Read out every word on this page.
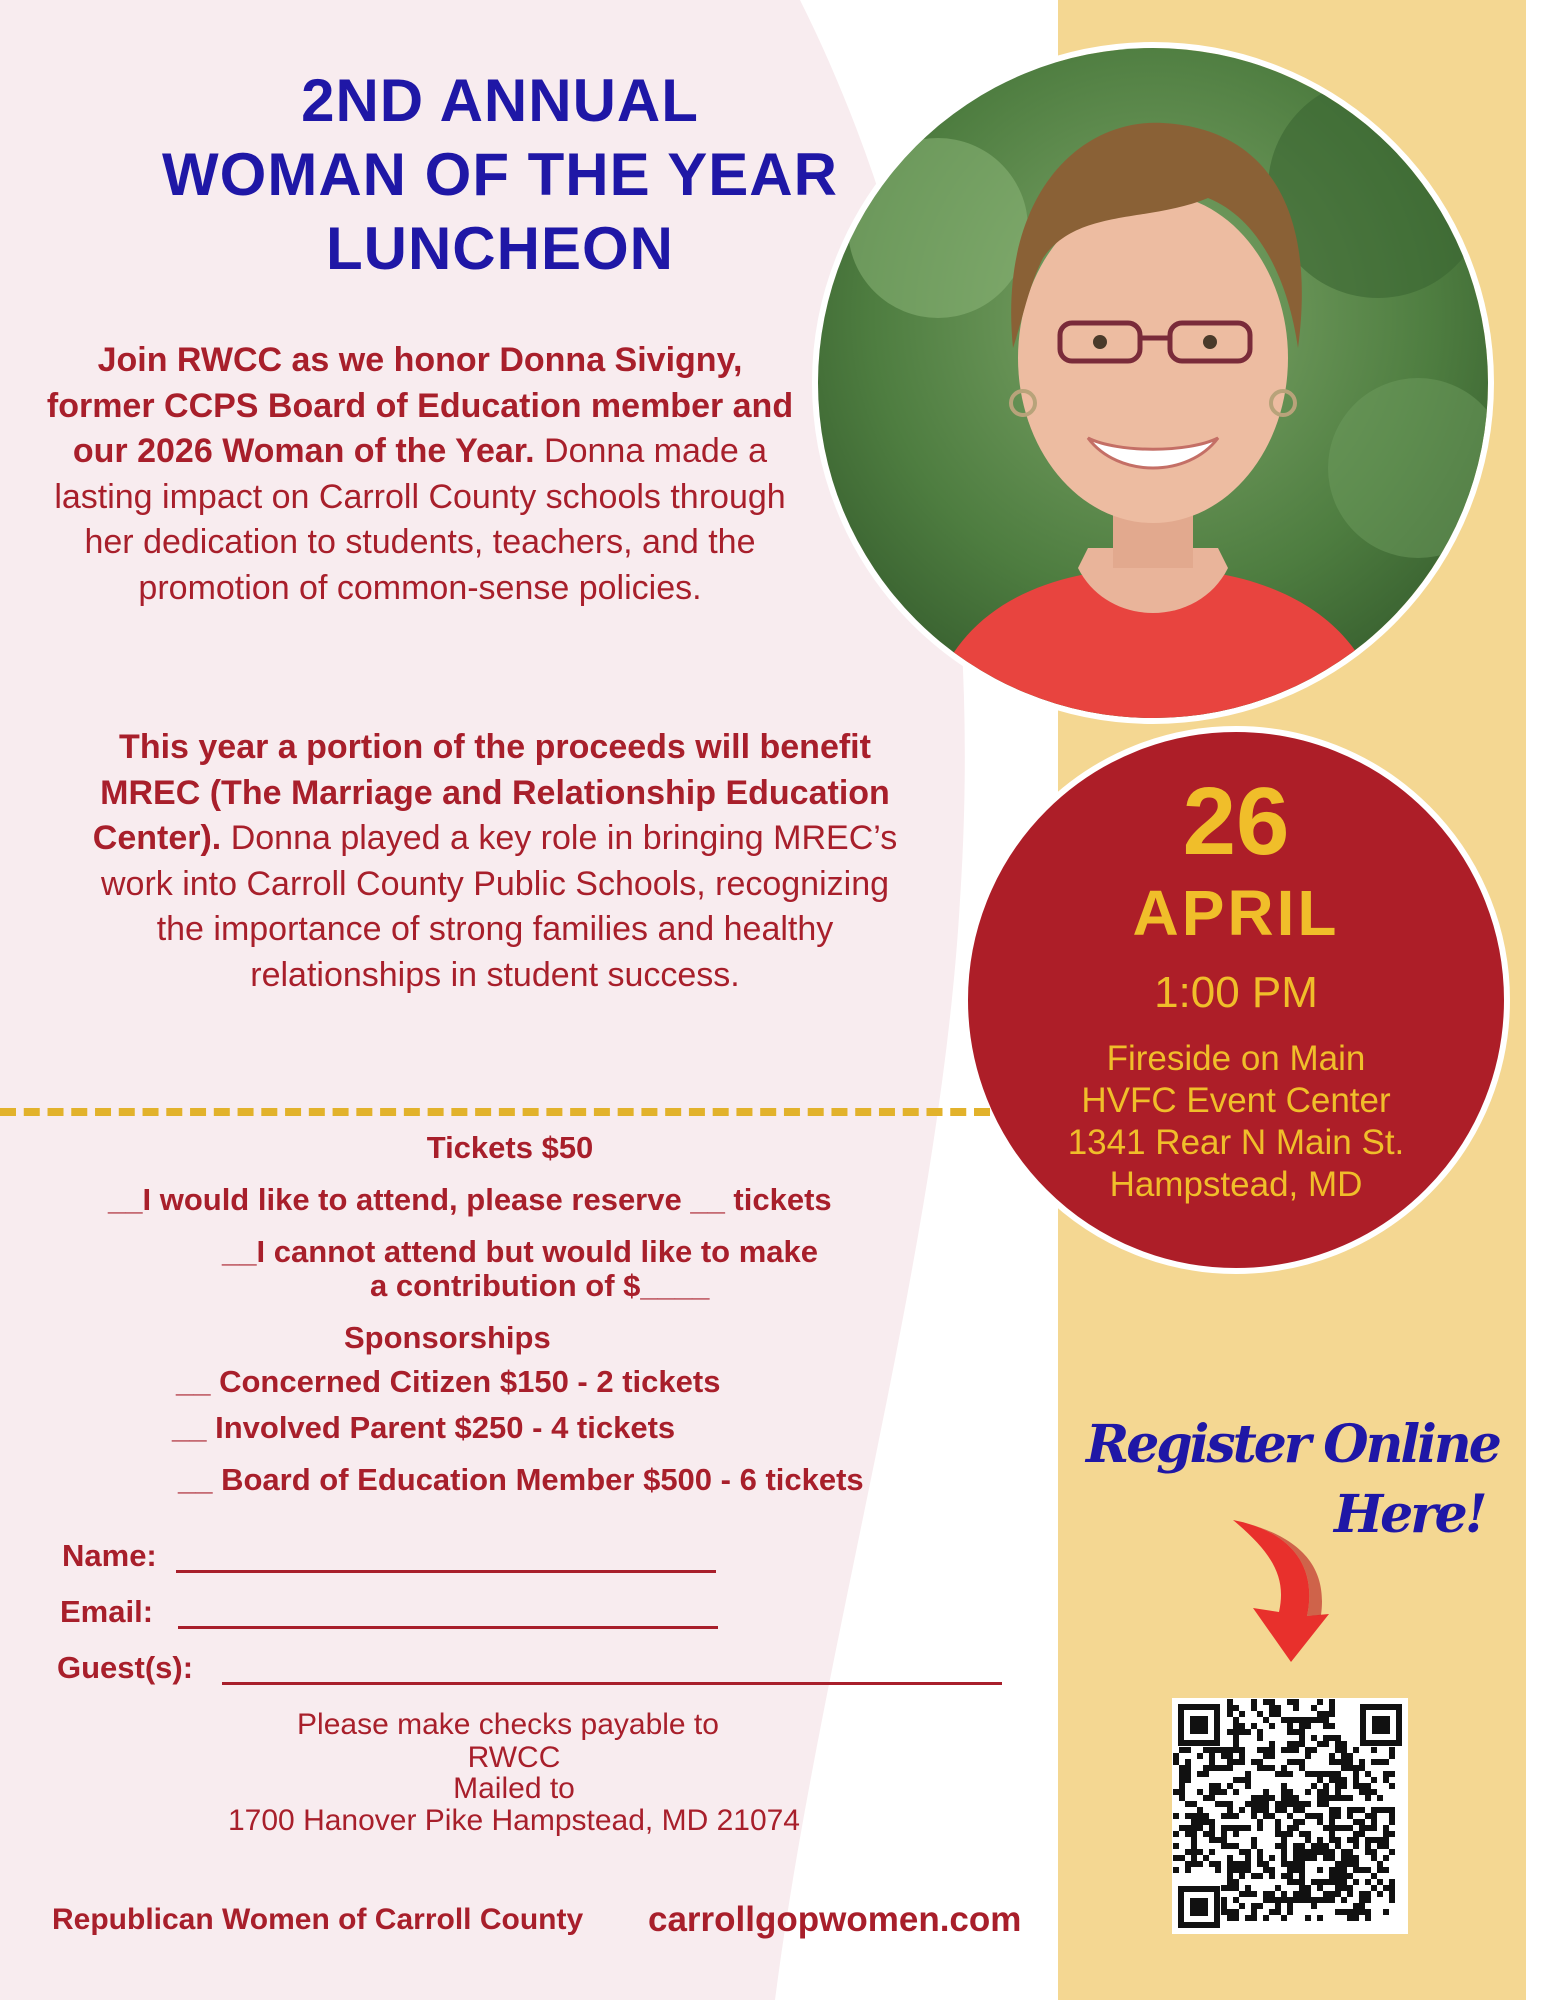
2ND ANNUAL
WOMAN OF THE YEAR
LUNCHEON
Join RWCC as we honor Donna Sivigny, former CCPS Board of Education member and our 2026 Woman of the Year. Donna made a lasting impact on Carroll County schools through her dedication to students, teachers, and the promotion of common-sense policies.
This year a portion of the proceeds will benefit MREC (The Marriage and Relationship Education Center). Donna played a key role in bringing MREC’s work into Carroll County Public Schools, recognizing the importance of strong families and healthy relationships in student success.
26
APRIL
1:00 PM
Fireside on Main
HVFC Event Center
1341 Rear N Main St.
Hampstead, MD
Tickets $50
__I would like to attend, please reserve __ tickets
__I cannot attend but would like to make
a contribution of $____
Sponsorships
__ Concerned Citizen $150 - 2 tickets
__ Involved Parent $250 - 4 tickets
__ Board of Education Member $500 - 6 tickets
Name:
Email:
Guest(s):
Please make checks payable to
RWCC
Mailed to
1700 Hanover Pike Hampstead, MD 21074
Republican Women of Carroll County carrollgopwomen.com
Register Online
Here!
